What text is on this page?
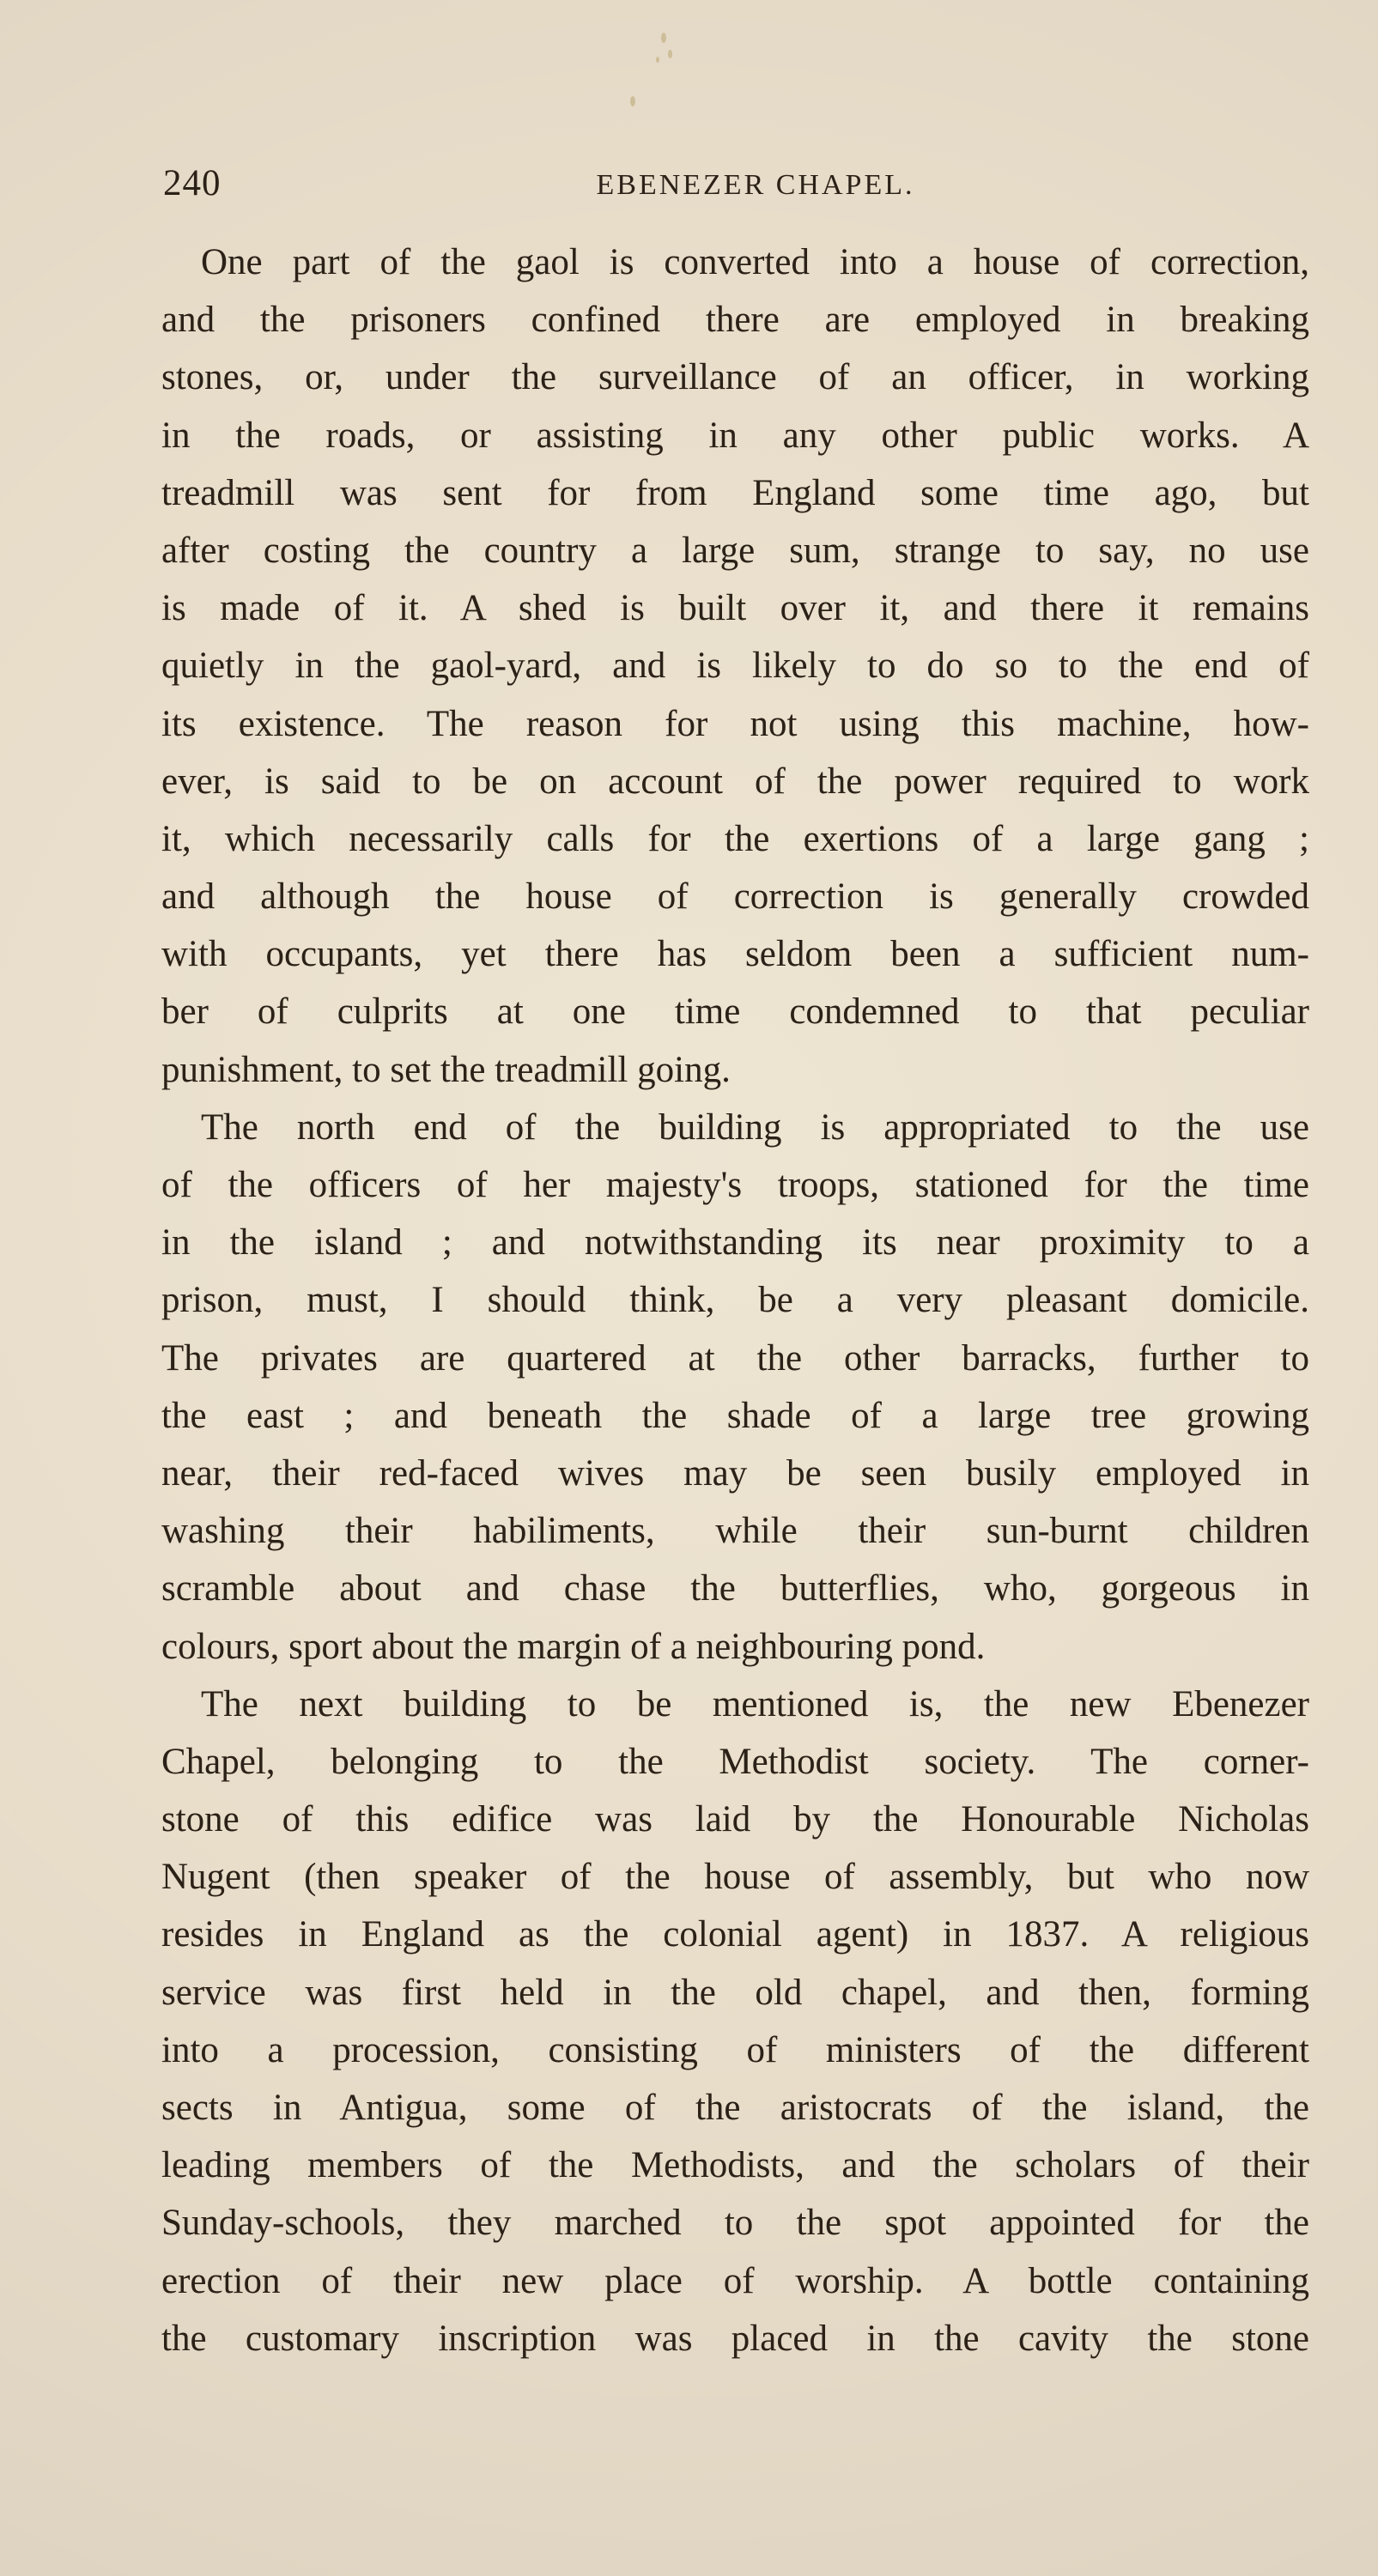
240	EBENEZER CHAPEL.
One part of the gaol is converted into a house of correction,
and the prisoners confined there are employed in breaking
stones, or, under the surveillance of an officer, in working
in the roads, or assisting in any other public works. A
treadmill was sent for from England some time ago, but
after costing the country a large sum, strange to say, no use
is made of it. A shed is built over it, and there it remains
quietly in the gaol-yard, and is likely to do so to the end of
its existence. The reason for not using this machine, how-
ever, is said to be on account of the power required to work
it, which necessarily calls for the exertions of a large gang ;
and although the house of correction is generally crowded
with occupants, yet there has seldom been a sufficient num-
ber of culprits at one time condemned to that peculiar
punishment, to set the treadmill going.
The north end of the building is appropriated to the use
of the officers of her majesty's troops, stationed for the time
in the island ; and notwithstanding its near proximity to a
prison, must, I should think, be a very pleasant domicile.
The privates are quartered at the other barracks, further to
the east ; and beneath the shade of a large tree growing
near, their red-faced wives may be seen busily employed in
washing their habiliments, while their sun-burnt children
scramble about and chase the butterflies, who, gorgeous in
colours, sport about the margin of a neighbouring pond.
The next building to be mentioned is, the new Ebenezer
Chapel, belonging to the Methodist society. The corner-
stone of this edifice was laid by the Honourable Nicholas
Nugent (then speaker of the house of assembly, but who now
resides in England as the colonial agent) in 1837. A religious
service was first held in the old chapel, and then, forming
into a procession, consisting of ministers of the different
sects in Antigua, some of the aristocrats of the island, the
leading members of the Methodists, and the scholars of their
Sunday-schools, they marched to the spot appointed for the
erection of their new place of worship. A bottle containing
the customary inscription was placed in the cavity the stone
